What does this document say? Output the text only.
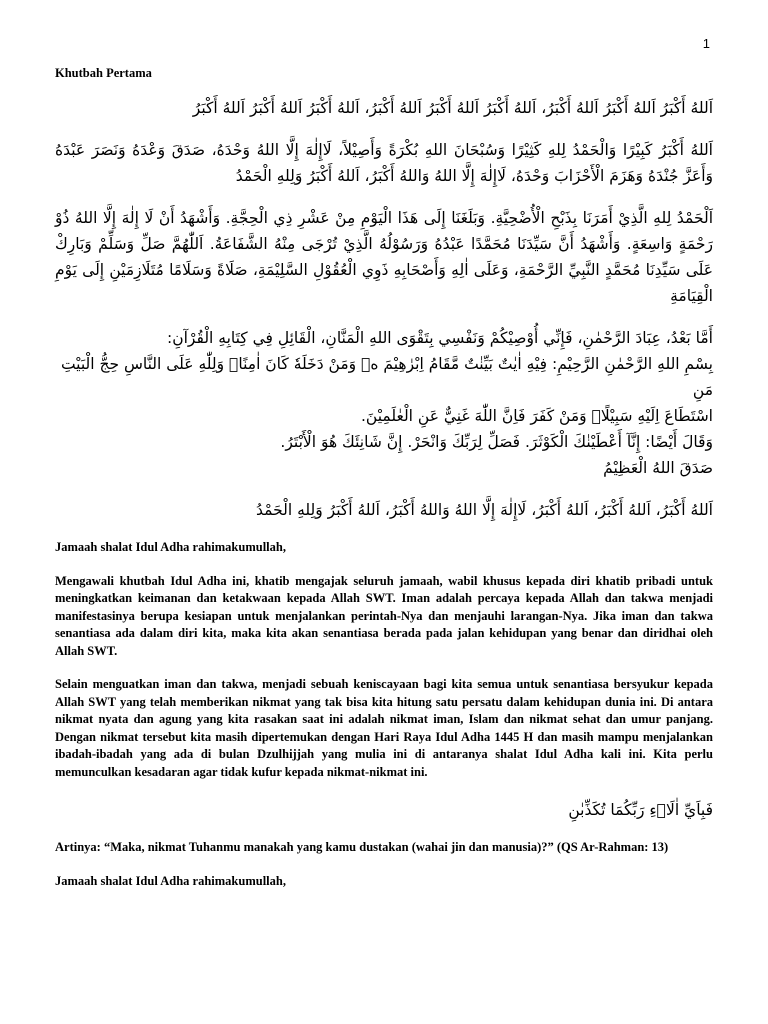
1

Khutbah Pertama

اَللهُ أَكْبَرُ اَللهُ أَكْبَرُ اَللهُ أَكْبَرُ، اَللهُ أَكْبَرُ اَللهُ أَكْبَرُ اَللهُ أَكْبَرُ، اَللهُ أَكْبَرُ اَللهُ أَكْبَرُ اَللهُ أَكْبَرُ

اَللهُ أَكْبَرُ كَبِيْرًا وَالْحَمْدُ لِلهِ كَثِيْرًا وَسُبْحَانَ اللهِ بُكْرَةً وَأَصِيْلاً، لَاإِلٰهَ إِلَّا اللهُ وَحْدَهُ، صَدَقَ وَعْدَهُ وَنَصَرَ عَبْدَهُ وَأَعَزَّ جُنْدَهُ وَهَزَمَ الْأَحْزَابَ وَحْدَهُ، لَاإِلٰهَ إِلَّا اللهُ وَاللهُ أَكْبَرُ، اَللهُ أَكْبَرُ وَلِلهِ الْحَمْدُ

اَلْحَمْدُ لِلهِ الَّذِيْ أَمَرَنَا بِذَبْحِ الْأُضْحِيَّةِ. وَبَلَغَنَا إِلَى هَذَا الْيَوْمِ مِنْ عَشْرِ ذِي الْحِجَّةِ. وَأَشْهَدُ أَنْ لَا إِلٰهَ إِلَّا اللهُ ذُوْ رَحْمَةٍ وَاسِعَةٍ. وَأَشْهَدُ أَنَّ سَيِّدَنَا مُحَمَّدًا عَبْدُهُ وَرَسُوْلُهُ الَّذِيْ تُرْجَى مِنْهُ الشَّفَاعَةُ. اَللّٰهُمَّ صَلِّ وَسَلِّمْ وَبَارِكْ عَلَى سَيِّدِنَا مُحَمَّدٍ النَّبِيِّ الرَّحْمَةِ، وَعَلَى اٰلِهِ وَأَصْحَابِهِ ذَوِي الْعُقُوْلِ السَّلِيْمَةِ، صَلَاةً وَسَلَامًا مُتَلَازِمَيْنِ إِلَى يَوْمِ الْقِيَامَةِ

أَمَّا بَعْدُ، عِبَادَ الرَّحْمٰنِ، فَإِنِّي أُوْصِيْكُمْ وَنَفْسِي بِتَقْوَى اللهِ الْمَنَّانِ، الْقَائِلِ فِي كِتَابِهِ الْقُرْآنِ:

بِسْمِ اللهِ الرَّحْمٰنِ الرَّحِيْمِ: فِيْهِ اٰيٰتٌ بَيِّنٰتٌ مَّقَامُ اِبْرٰهِيْمَ ەۚ وَمَنْ دَخَلَهٗ كَانَ اٰمِنًاۗ وَلِلّٰهِ عَلَى النَّاسِ حِجُّ الْبَيْتِ مَنِ

اسْتَطَاعَ اِلَيْهِ سَبِيْلًاۗ وَمَنْ كَفَرَ فَاِنَّ اللّٰهَ غَنِيٌّ عَنِ الْعٰلَمِيْنَ.

وَقَالَ أَيْضًا: إِنَّآ أَعْطَيْنٰكَ الْكَوْثَرَ. فَصَلِّ لِرَبِّكَ وَانْحَرْ. إِنَّ شَانِئَكَ هُوَ الْأَبْتَرُ.

صَدَقَ اللهُ الْعَظِيْمُ

اَللهُ أَكْبَرُ، اَللهُ أَكْبَرُ، اَللهُ أَكْبَرُ، لَاإِلٰهَ إِلَّا اللهُ وَاللهُ أَكْبَرُ، اَللهُ أَكْبَرُ وَلِلهِ الْحَمْدُ

Jamaah shalat Idul Adha rahimakumullah,

Mengawali khutbah Idul Adha ini, khatib mengajak seluruh jamaah, wabil khusus kepada diri khatib pribadi untuk meningkatkan keimanan dan ketakwaan kepada Allah SWT. Iman adalah percaya kepada Allah dan takwa menjadi manifestasinya berupa kesiapan untuk menjalankan perintah-Nya dan menjauhi larangan-Nya. Jika iman dan takwa senantiasa ada dalam diri kita, maka kita akan senantiasa berada pada jalan kehidupan yang benar dan diridhai oleh Allah SWT.

Selain menguatkan iman dan takwa, menjadi sebuah keniscayaan bagi kita semua untuk senantiasa bersyukur kepada Allah SWT yang telah memberikan nikmat yang tak bisa kita hitung satu persatu dalam kehidupan dunia ini. Di antara nikmat nyata dan agung yang kita rasakan saat ini adalah nikmat iman, Islam dan nikmat sehat dan umur panjang. Dengan nikmat tersebut kita masih dipertemukan dengan Hari Raya Idul Adha 1445 H dan masih mampu menjalankan ibadah-ibadah yang ada di bulan Dzulhijjah yang mulia ini di antaranya shalat Idul Adha kali ini. Kita perlu memunculkan kesadaran agar tidak kufur kepada nikmat-nikmat ini.

فَبِاَيِّ اٰلَاۤءِ رَبِّكُمَا تُكَذِّبٰنِ

Artinya: “Maka, nikmat Tuhanmu manakah yang kamu dustakan (wahai jin dan manusia)?” (QS Ar-Rahman: 13)

Jamaah shalat Idul Adha rahimakumullah,
